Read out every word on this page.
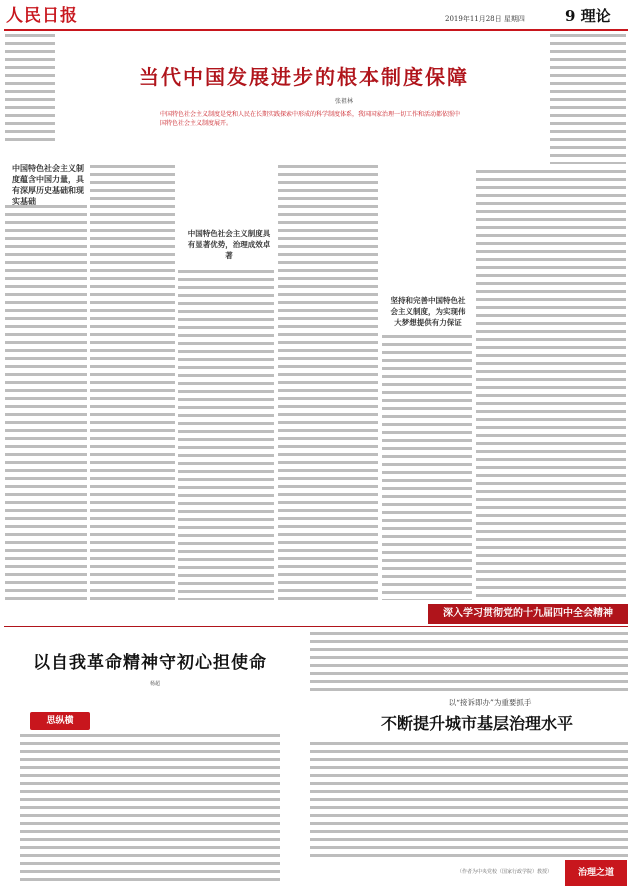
人民日报	2019年11月28日 星期四	9 理论
当代中国发展进步的根本制度保障
张祖林
中国特色社会主义制度是党和人民在长期实践探索中形成的科学制度体系，我国国家治理一切工作和活动都依照中国特色社会主义制度展开。
中国特色社会主义制度蕴含中国力量，具有深厚历史基础和现实基础
中国特色社会主义制度具有显著优势，治理成效卓著
坚持和完善中国特色社会主义制度，为实现伟大梦想提供有力保证
深入学习贯彻党的十九届四中全会精神
以自我革命精神守初心担使命
杨超
思纵横
以“接诉即办”为重要抓手
不断提升城市基层治理水平
（作者为中央党校（国家行政学院）教授）	治理之道
